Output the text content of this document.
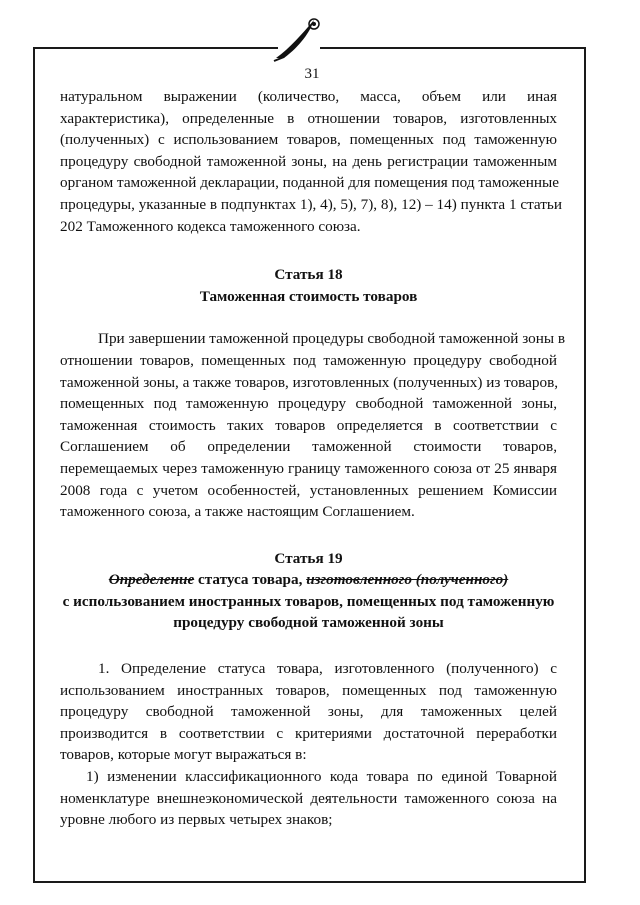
31
натуральном выражении (количество, масса, объем или иная
характеристика), определенные в отношении товаров, изготовленных
(полученных) с использованием товаров, помещенных под таможенную
процедуру свободной таможенной зоны, на день регистрации таможенным
органом таможенной декларации, поданной для помещения под таможенные
процедуры, указанные в подпунктах 1), 4), 5), 7), 8), 12) – 14) пункта 1 статьи
202 Таможенного кодекса таможенного союза.
Статья 18
Таможенная стоимость товаров
При завершении таможенной процедуры свободной таможенной зоны в
отношении товаров, помещенных под таможенную процедуру свободной
таможенной зоны, а также товаров, изготовленных (полученных) из товаров,
помещенных под таможенную процедуру свободной таможенной зоны,
таможенная стоимость таких товаров определяется в соответствии с
Соглашением об определении таможенной стоимости товаров,
перемещаемых через таможенную границу таможенного союза от 25 января
2008 года с учетом особенностей, установленных решением Комиссии
таможенного союза, а также настоящим Соглашением.
Статья 19
Определение статуса товара, изготовленного (полученного)
с использованием иностранных товаров, помещенных под таможенную
процедуру свободной таможенной зоны
1. Определение статуса товара, изготовленного (полученного) с
использованием иностранных товаров, помещенных под таможенную
процедуру свободной таможенной зоны, для таможенных целей
производится в соответствии с критериями достаточной переработки
товаров, которые могут выражаться в:
1) изменении классификационного кода товара по единой Товарной
номенклатуре внешнеэкономической деятельности таможенного союза на
уровне любого из первых четырех знаков;
